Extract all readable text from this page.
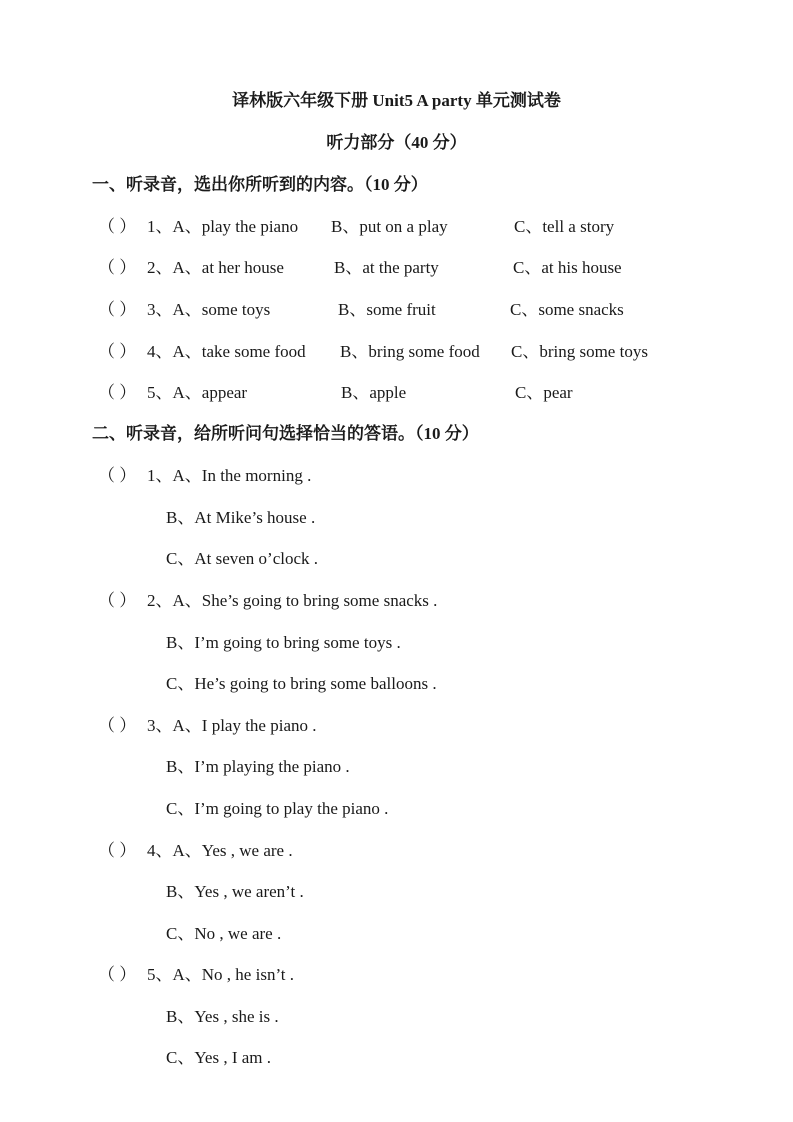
译林版六年级下册 Unit5 A party 单元测试卷
听力部分（40 分）
一、听录音，选出你所听到的内容。（10 分）
（ ） 1、A、play the piano B、put on a play	C、tell a story
（ ） 2、A、at her house	B、at the party	C、at his house
（ ） 3、A、some toys	B、some fruit	C、some snacks
（ ） 4、A、take some food B、bring some food C、bring some toys
（ ） 5、A、appear	B、apple	C、pear
二、听录音，给所听问句选择恰当的答语。（10 分）
（ ） 1、A、In the morning .
B、At Mike’s house .
C、At seven o’clock .
（ ） 2、A、She’s going to bring some snacks .
B、I’m going to bring some toys .
C、He’s going to bring some balloons .
（ ） 3、A、I play the piano .
B、I’m playing the piano .
C、I’m going to play the piano .
（ ） 4、A、Yes , we are .
B、Yes , we aren’t .
C、No , we are .
（ ） 5、A、No , he isn’t .
B、Yes , she is .
C、Yes , I am .
